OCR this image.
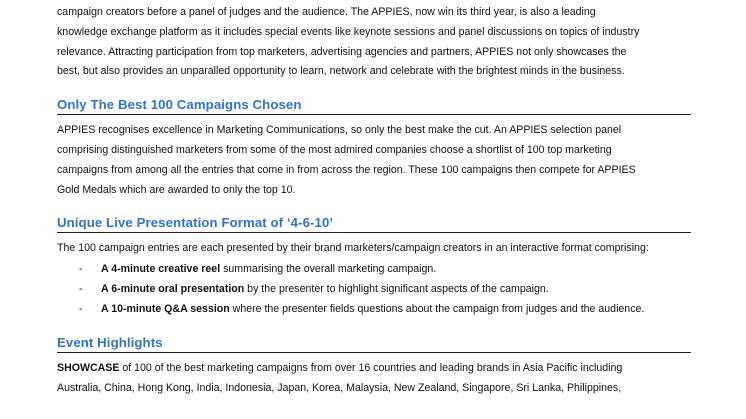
campaign creators before a panel of judges and the audience. The APPIES, now win its third year, is also a leading

knowledge exchange platform as it includes special events like keynote sessions and panel discussions on topics of industry

relevance. Attracting participation from top marketers, advertising agencies and partners, APPIES not only showcases the

best, but also provides an unparalled opportunity to learn, network and celebrate with the brightest minds in the business.

Only The Best 100 Campaigns Chosen

APPIES recognises excellence in Marketing Communications, so only the best make the cut. An APPIES selection panel

comprising distinguished marketers from some of the most admired companies choose a shortlist of 100 top marketing

campaigns from among all the entries that come in from across the region. These 100 campaigns then compete for APPIES

Gold Medals which are awarded to only the top 10.

Unique Live Presentation Format of ‘4-6-10’

The 100 campaign entries are each presented by their brand marketers/campaign creators in an interactive format comprising:

- A 4-minute creative reel summarising the overall marketing campaign.
- A 6-minute oral presentation by the presenter to highlight significant aspects of the campaign.
- A 10-minute Q&A session where the presenter fields questions about the campaign from judges and the audience.
Event Highlights

SHOWCASE of 100 of the best marketing campaigns from over 16 countries and leading brands in Asia Pacific including

Australia, China, Hong Kong, India, Indonesia, Japan, Korea, Malaysia, New Zealand, Singapore, Sri Lanka, Philippines,
